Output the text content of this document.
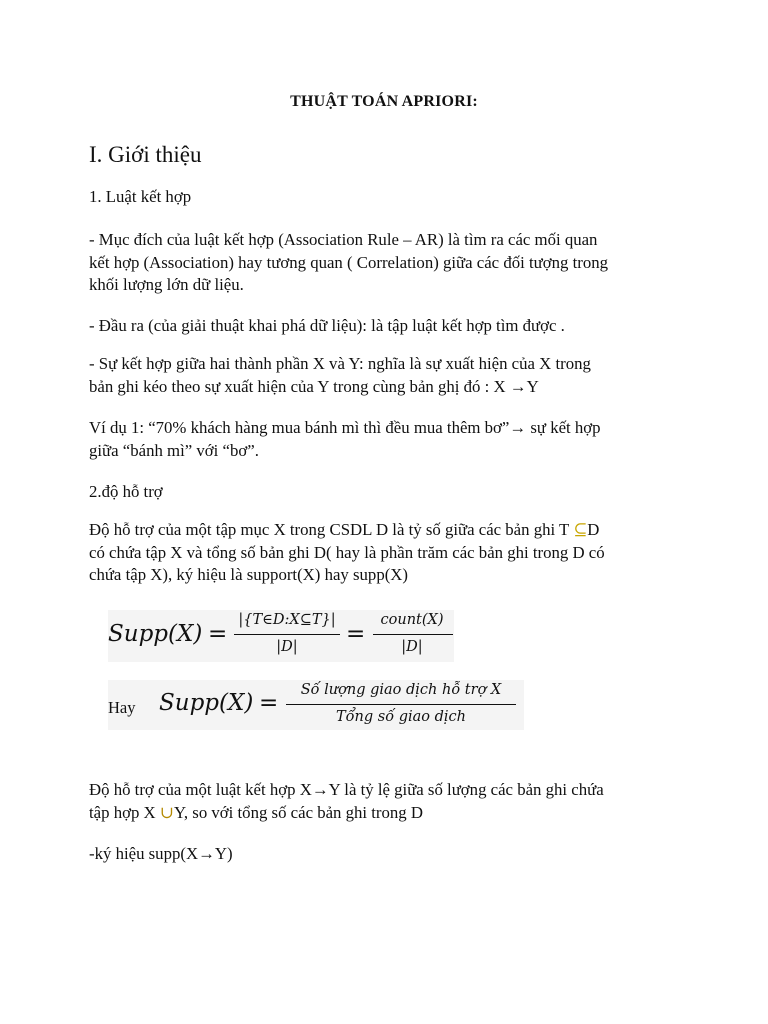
THUẬT TOÁN APRIORI:
I. Giới thiệu
1. Luật kết hợp
- Mục đích của luật kết hợp (Association Rule – AR) là tìm ra các mối quan
kết hợp (Association) hay tương quan ( Correlation) giữa các đối tượng trong
khối lượng lớn dữ liệu.
- Đầu ra (của giải thuật khai phá dữ liệu): là tập luật kết hợp tìm được .
- Sự kết hợp giữa hai thành phần X và Y: nghĩa là sự xuất hiện của X trong
bản ghi kéo theo sự xuất hiện của Y trong cùng bản ghị đó : X →Y
Ví dụ 1: “70% khách hàng mua bánh mì thì đều mua thêm bơ”→ sự kết hợp
giữa “bánh mì” với “bơ”.
2.độ hỗ trợ
Độ hỗ trợ của một tập mục X trong CSDL D là tỷ số giữa các bản ghi T ⊆D
có chứa tập X và tổng số bản ghi D( hay là phần trăm các bản ghi trong D có
chứa tập X), ký hiệu là support(X) hay supp(X)
Supp(X) =
|{T∈D:X⊆T}|
|D|	=
count(X)
|D|
Supp(X) =	Số lượng giao dịch hỗ trợ X
Tổng số giao dịch
Hay
Độ hỗ trợ của một luật kết hợp X→Y là tỷ lệ giữa số lượng các bản ghi chứa
tập hợp X ∪Y, so với tổng số các bản ghi trong D
-ký hiệu supp(X→Y)
